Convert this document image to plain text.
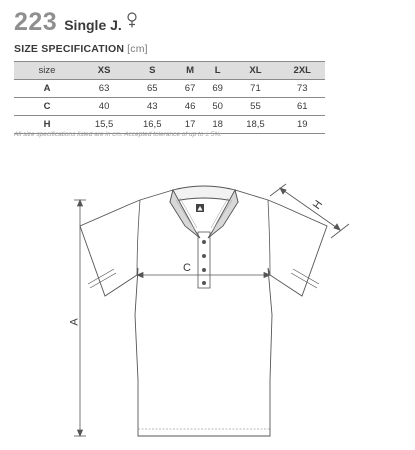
223 Single J.
SIZE SPECIFICATION [cm]
size	XS	S	M	L	XL	2XL
A	63	65	67	69	71	73
C	40	43	46	50	55	61
H	15,5	16,5	17	18	18,5	19
All size specifications listed are in cm. Accepted tolerance of up to ± 5%.
A
C
H
